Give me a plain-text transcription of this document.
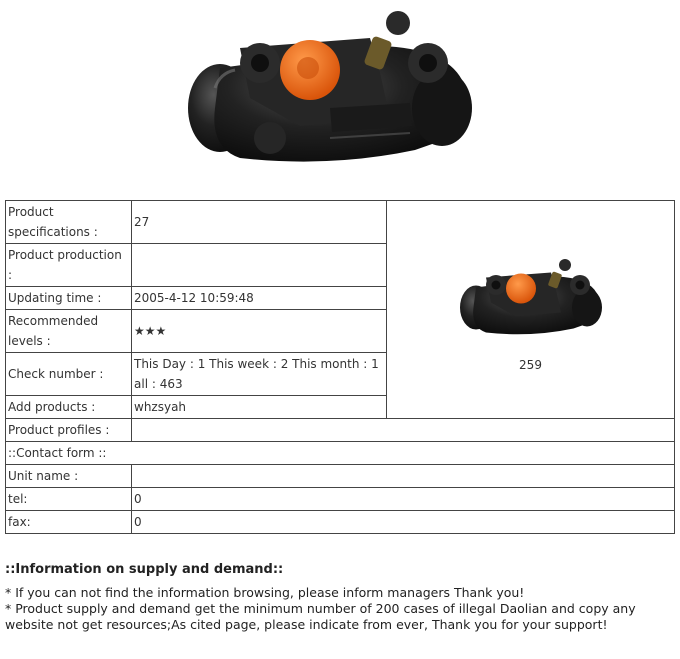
Product specifications :	27	259

Product production :		
Updating time :	2005-4-12 10:59:48	
Recommended levels :	★★★	
Check number :	This Day : 1 This week : 2 This month : 1 all : 463	
Add products :	whzsyah	
Product profiles :		
::Contact form ::		
Unit name :		
tel:	0	
fax:	0	
::Information on supply and demand::

* If you can not find the information browsing, please inform managers Thank you!

* Product supply and demand get the minimum number of 200 cases of illegal Daolian and copy any website not get resources;As cited page, please indicate from ever, Thank you for your support!
